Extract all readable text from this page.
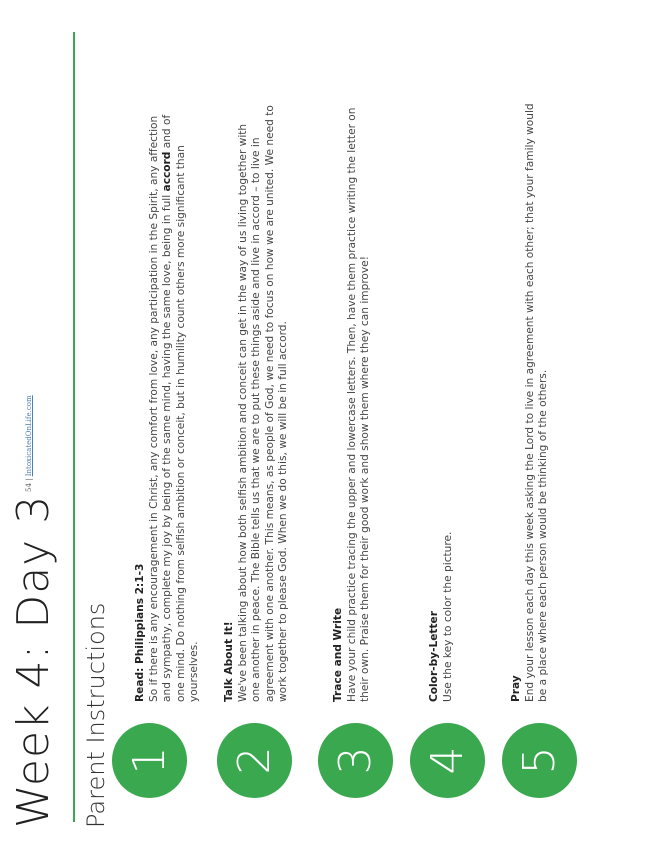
Week 4: Day 3 Parent Instructions 1
Read: Philippians 2:1-3 So if there is any encouragement in Christ, any comfort from love, any participation in the Spirit, any affection and sympathy, complete my joy by being of the same mind, having the same love, being in full accord and of one mind. Do nothing from selfish ambition or conceit, but in humility count others more significant than yourselves.
2
Talk About It! We've been talking about how both selfish ambition and conceit can get in the way of us living together with one another in peace. The Bible tells us that we are to put these things aside and live in accord – to live in agreement with one another. This means, as people of God, we need to focus on how we are united. We need to work together to please God. When we do this, we will be in full accord.
3
Trace and Write Have your child practice tracing the upper and lowercase letters. Then, have them practice writing the letter on their own. Praise them for their good work and show them where they can improve!
4
Color-by-Letter Use the key to color the picture.
5
Pray End your lesson each day this week asking the Lord to live in agreement with each other; that your family would be a place where each person would be thinking of the others.
54 | IntoxicatedOnLife.com
